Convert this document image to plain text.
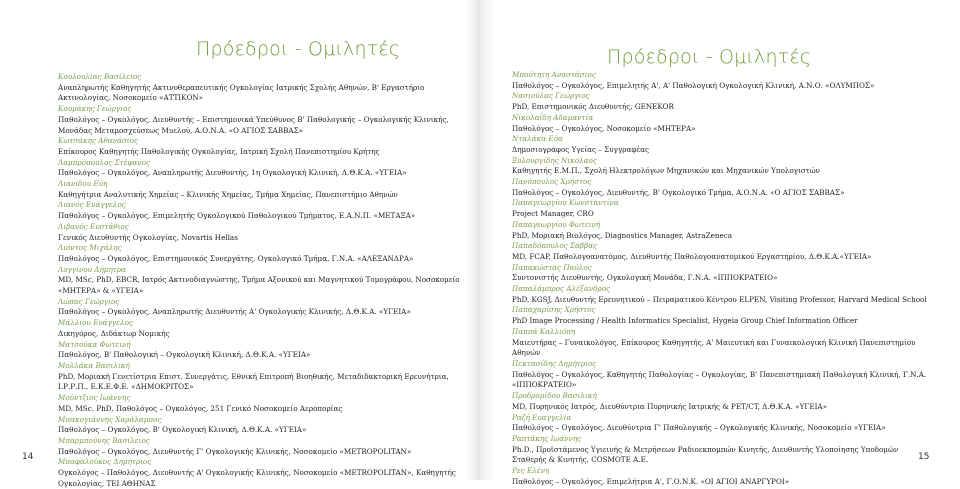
Πρόεδροι - Ομιλητές
Κουλουλίας Βασίλειος
Αναπληρωτής Καθηγητής Ακτινοθεραπευτικής Ογκολογίας Ιατρικής Σχολής Αθηνών, Β' Εργαστήριο Ακτινολογίας, Νοσοκομείο «ΑΤΤΙΚΟΝ»
Κουμάκης Γεώργιος
Παθολόγος – Ογκολόγος, Διευθυντής – Επιστημονικά Υπεύθυνος Β' Παθολογικής – Ογκολογικής Κλινικής, Μονάδας Μεταμοσχεύσεως Μυελού, Α.Ο.Ν.Α. «Ο ΑΓΙΟΣ ΣΑΒΒΑΣ»
Κωτσάκης Αθανάσιος
Επίκουρος Καθηγητής Παθολογικής Ογκολογίας, Ιατρική Σχολή Πανεπιστημίου Κρήτης
Λαμπρόπουλος Στέφανος
Παθολόγος – Ογκολόγος, Αναπληρωτής Διευθυντής, 1η Ογκολογική Κλινική, Δ.Θ.Κ.Α. «ΥΓΕΙΑ»
Λιανίδου Εύη
Καθηγήτρια Αναλυτικής Χημείας – Κλινικής Χημείας, Τμήμα Χημείας, Πανεπιστήμιο Αθηνών
Λιανός Ευάγγελος
Παθολόγος – Ογκολόγος, Επιμελητής Ογκολογικού Παθολογικού Τμήματος, Ε.Α.Ν.Π. «ΜΕΤΑΞΑ»
Λιβανός Ευστάθιος
Γενικός Διευθυντής Ογκολογίας, Novartis Hellas
Λιόντος Μιχάλης
Παθολόγος – Ογκολόγος, Επιστημονικός Συνεργάτης, Ογκολογικό Τμήμα, Γ.Ν.Α. «ΑΛΕΞΑΝΔΡΑ»
Λογγίνου Δήμητρα
MD, MSc, PhD, EBCR, Ιατρός Ακτινοδιαγνώστης, Τμήμα Αξονικού και Μαγνητικού Τομογράφου, Νοσοκομείο «ΜΗΤΕΡΑ» & «ΥΓΕΙΑ»
Λώπας Γεώργιος
Παθολόγος – Ογκολόγος, Αναπληρωτής Διευθυντής Α' Ογκολογικής Κλινικής, Δ.Θ.Κ.Α. «ΥΓΕΙΑ»
Μάλλιου Ευάγγελος
Δικηγόρος, Διδάκτωρ Νομικής
Ματσούκα Φωτεινή
Παθολόγος, Β' Παθολογική – Ογκολογική Κλινική, Δ.Θ.Κ.Α. «ΥΓΕΙΑ»
Μολλάκα Βασιλική
PhD, Μοριακή Γενετίστρια Επιστ. Συνεργάτις, Εθνική Επιτροπή Βιοηθικής, Μεταδιδακτορική Ερευνήτρια, Ι.Ρ.Ρ.Π., Ε.Κ.Ε.Φ.Ε. «ΔΗΜΟΚΡΙΤΟΣ»
Μούντζιος Ιωάννης
MD, MSc. PhD, Παθολόγος – Ογκολόγος, 251 Γενικό Νοσοκομείο Αεροπορίας
Μπακογιάννης Χαράλαμπος
Παθολόγος – Ογκολόγος, Β' Ογκολογική Κλινική, Δ.Θ.Κ.Α. «ΥΓΕΙΑ»
Μπαρμπούνης Βασίλειος
Παθολόγος – Ογκολόγος, Διευθυντής Γ' Ογκολογικής Κλινικής, Νοσοκομείο «METROPOLITAN»
Μπαφαλούκος Δημήτριος
Ογκολόγος – Παθολόγος, Διευθυντής Α' Ογκολογικής Κλινικής, Νοσοκομείο «METROPOLITAN», Καθηγητής Ογκολογίας, ΤΕΙ ΑΘΗΝΑΣ
14
Πρόεδροι - Ομιλητές
Μπούτητη Αναστάσιος
Παθολόγος – Ογκολόγος, Επιμελητής Α', Α' Παθολογική Ογκολογική Κλινική, Α.Ν.Ο. «ΟΛΥΜΠΟΣ»
Νασιούλας Γεώργιος
PhD, Επιστημονικός Διευθυντής, GENEKOR
Νικολαΐδη Αδαμαντία
Παθολόγος – Ογκολόγος, Νοσοκομείο «ΜΗΤΕΡΑ»
Νταλάκα Εύα
Δημοσιογράφος Υγείας – Συγγραφέας
Ξυλουργίδης Νικόλαος
Καθηγητής Ε.Μ.Π., Σχολή Ηλεκτρολόγων Μηχανικών και Μηχανικών Υπολογιστών
Πανόπουλος Χρήστος
Παθολόγος – Ογκολόγος, Διευθυντής, Β' Ογκολογικό Τμήμα, Α.Ο.Ν.Α. «Ο ΑΓΙΟΣ ΣΑΒΒΑΣ»
Παπαγεωργίου Κωνσταντίνα
Project Manager, CRO
Παπαγεωργίου Φωτεινή
PhD, Μοριακή Βιολόγος, Diagnostics Manager, AstraZeneca
Παπαδόπουλος Σάββας
MD, FCAP, Παθολογοανατόμος, Διευθυντής Παθολογοανατομικού Εργαστηρίου, Δ.Θ.Κ.Α.«ΥΓΕΙΑ»
Παπακώστας Παύλος
Συντονιστής Διευθυντής, Ογκολογική Μονάδα, Γ.Ν.Α. «ΙΠΠΟΚΡΑΤΕΙΟ»
Παπαλάμπρος Αλέξανδρος
PhD, KGSJ, Διευθυντής Ερευνητικού – Πειραματικού Κέντρου ELPEN, Visiting Professor, Harvard Medical School
Παπαχαρίσης Χρήστος
PhD Image Processing / Health Informatics Specialist, Hygeia Group Chief Information Officer
Παππά Καλλιόπη
Μαιευτήρας – Γυναικολόγος, Επίκουρος Καθηγητής, Α' Μαιευτική και Γυναικολογική Κλινική Πανεπιστημίου Αθηνών
Πεκτασίδης Δημήτριος
Παθολόγος – Ογκολόγος, Καθηγητής Παθολογίας – Ογκολογίας, Β' Πανεπιστημιακή Παθολογική Κλινική, Γ.Ν.Α. «ΙΠΠΟΚΡΑΤΕΙΟ»
Προδρομίδου Βασιλική
MD, Πυρηνικός Ιατρός, Διευθύντρια Πυρηνικής Ιατρικής & PET/CT, Δ.Θ.Κ.Α. «ΥΓΕΙΑ»
Ραζή Ευαγγελία
Παθολόγος – Ογκολόγος, Διευθύντρια Γ' Παθολογικής – Ογκολογικής Κλινικής, Νοσοκομείο «ΥΓΕΙΑ»
Ραπτάκης Ιωάννης
Ph.D., Προϊστάμενος Υγιεινής & Μετρήσεων Ραδιοεκπομπών Κινητής, Διευθυντής Υλοποίησης Υποδομών Σταθερής & Κινητής, COSMOTE Α.Ε.
Ρες Ελένη
Παθολόγος – Ογκολόγος, Επιμελήτρια Α', Γ.Ο.Ν.Κ. «ΟΙ ΑΓΙΟΙ ΑΝΑΡΓΥΡΟΙ»
15
